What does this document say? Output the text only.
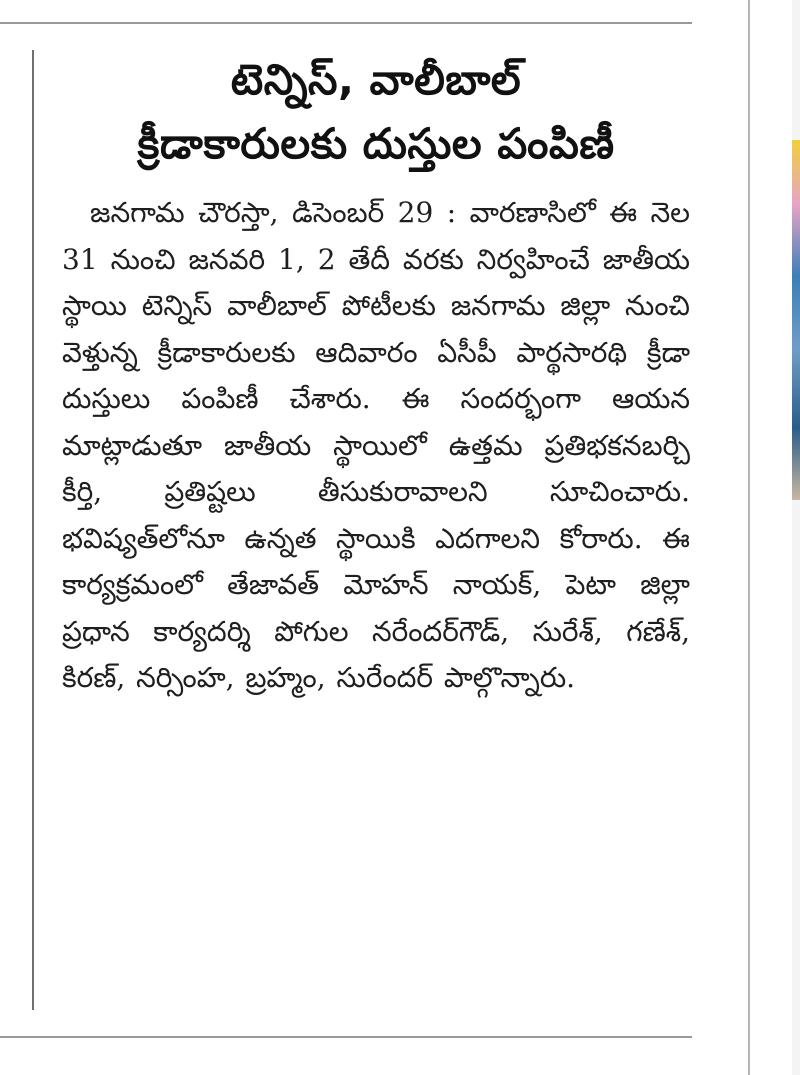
టెన్నిస్, వాలీబాల్
క్రీడాకారులకు దుస్తుల పంపిణీ

జనగామ చౌరస్తా, డిసెంబర్ 29 : వారణాసిలో ఈ నెల 31 నుంచి జనవరి 1, 2 తేదీ వరకు నిర్వహించే జాతీయ స్థాయి టెన్నిస్ వాలీబాల్ పోటీలకు జనగామ జిల్లా నుంచి వెళ్తున్న క్రీడాకారులకు ఆదివారం ఏసీపీ పార్థసారథి క్రీడా దుస్తులు పంపిణీ చేశారు. ఈ సందర్భంగా ఆయన మాట్లాడుతూ జాతీయ స్థాయిలో ఉత్తమ ప్రతిభకనబర్చి కీర్తి, ప్రతిష్టలు తీసుకురావాలని సూచించారు. భవిష్యత్‌లోనూ ఉన్నత స్థాయికి ఎదగాలని కోరారు. ఈ కార్యక్రమంలో తేజావత్ మోహన్ నాయక్, పెటా జిల్లా ప్రధాన కార్యదర్శి పోగుల నరేందర్‌గౌడ్, సురేశ్, గణేశ్, కిరణ్, నర్సింహ, బ్రహ్మం, సురేందర్ పాల్గొన్నారు.
